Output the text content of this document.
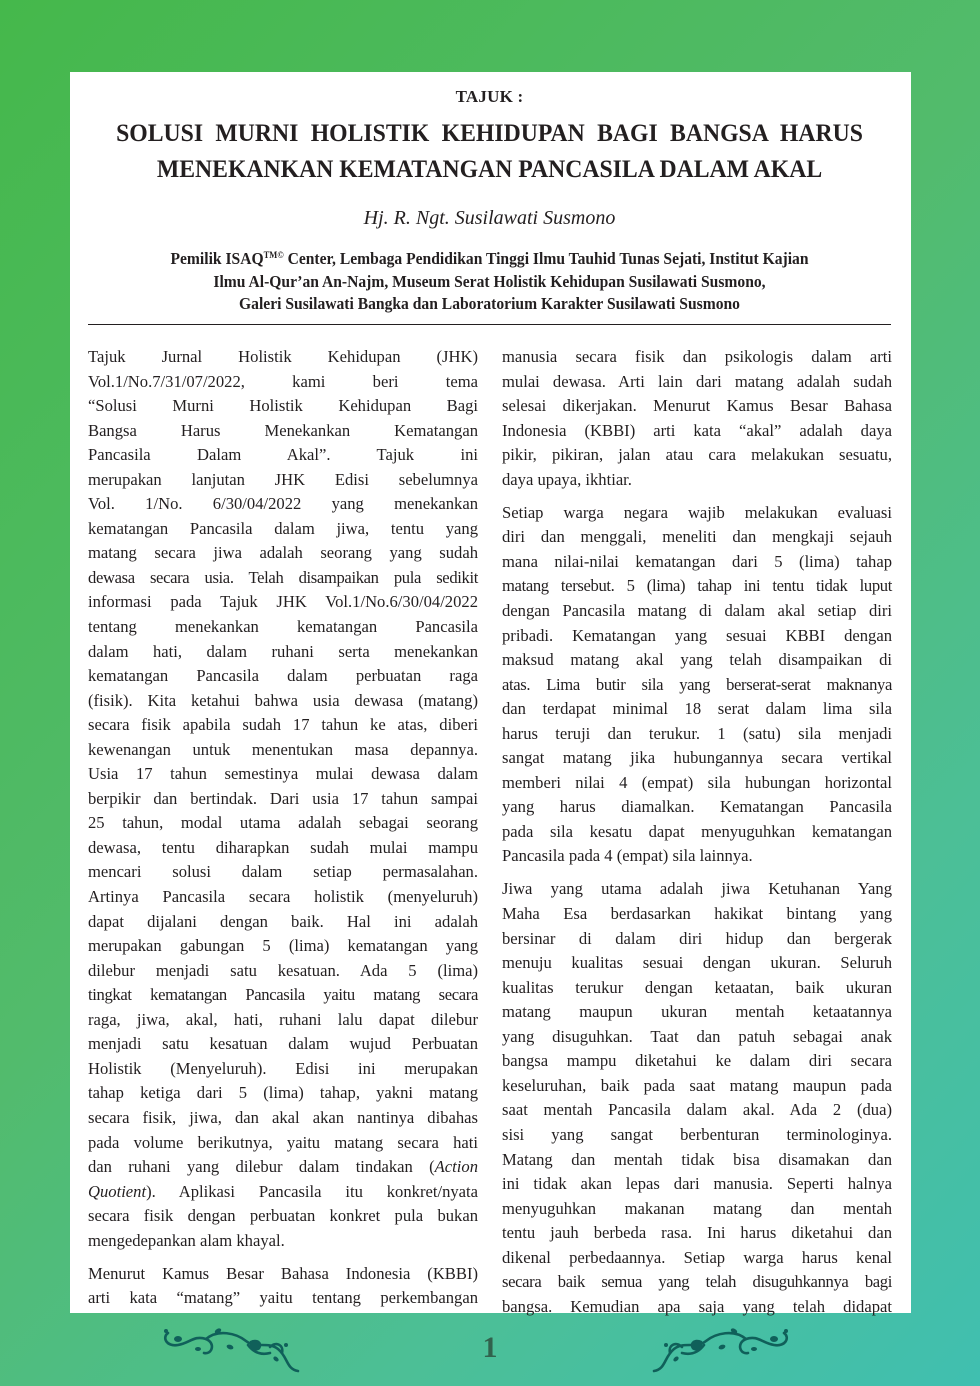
TAJUK :
SOLUSI MURNI HOLISTIK KEHIDUPAN BAGI BANGSA HARUS
MENEKANKAN KEMATANGAN PANCASILA DALAM AKAL
Hj. R. Ngt. Susilawati Susmono
Pemilik $ISAQ^{TM©}$ Center, Lembaga Pendidikan Tinggi Ilmu Tauhid Tunas Sejati, Institut Kajian
Ilmu Al-Qur’an An-Najm, Museum Serat Holistik Kehidupan Susilawati Susmono,
Galeri Susilawati Bangka dan Laboratorium Karakter Susilawati Susmono

Tajuk Jurnal Holistik Kehidupan (JHK)
Vol.1/No.7/31/07/2022, kami beri tema
“Solusi Murni Holistik Kehidupan Bagi
Bangsa Harus Menekankan Kematangan
Pancasila Dalam Akal”. Tajuk ini
merupakan lanjutan JHK Edisi sebelumnya
Vol. 1/No. 6/30/04/2022 yang menekankan
kematangan Pancasila dalam jiwa, tentu yang
matang secara jiwa adalah seorang yang sudah
dewasa secara usia. Telah disampaikan pula sedikit
informasi pada Tajuk JHK Vol.1/No.6/30/04/2022
tentang menekankan kematangan Pancasila
dalam hati, dalam ruhani serta menekankan
kematangan Pancasila dalam perbuatan raga
(fisik). Kita ketahui bahwa usia dewasa (matang)
secara fisik apabila sudah 17 tahun ke atas, diberi
kewenangan untuk menentukan masa depannya.
Usia 17 tahun semestinya mulai dewasa dalam
berpikir dan bertindak. Dari usia 17 tahun sampai
25 tahun, modal utama adalah sebagai seorang
dewasa, tentu diharapkan sudah mulai mampu
mencari solusi dalam setiap permasalahan.
Artinya Pancasila secara holistik (menyeluruh)
dapat dijalani dengan baik. Hal ini adalah
merupakan gabungan 5 (lima) kematangan yang
dilebur menjadi satu kesatuan. Ada 5 (lima)
tingkat kematangan Pancasila yaitu matang secara
raga, jiwa, akal, hati, ruhani lalu dapat dilebur
menjadi satu kesatuan dalam wujud Perbuatan
Holistik (Menyeluruh). Edisi ini merupakan
tahap ketiga dari 5 (lima) tahap, yakni matang
secara fisik, jiwa, dan akal akan nantinya dibahas
pada volume berikutnya, yaitu matang secara hati
dan ruhani yang dilebur dalam tindakan (Action
Quotient). Aplikasi Pancasila itu konkret/nyata
secara fisik dengan perbuatan konkret pula bukan
mengedepankan alam khayal.

Menurut Kamus Besar Bahasa Indonesia (KBBI)
arti kata “matang” yaitu tentang perkembangan

manusia secara fisik dan psikologis dalam arti
mulai dewasa. Arti lain dari matang adalah sudah
selesai dikerjakan. Menurut Kamus Besar Bahasa
Indonesia (KBBI) arti kata “akal” adalah daya
pikir, pikiran, jalan atau cara melakukan sesuatu,
daya upaya, ikhtiar.

Setiap warga negara wajib melakukan evaluasi
diri dan menggali, meneliti dan mengkaji sejauh
mana nilai-nilai kematangan dari 5 (lima) tahap
matang tersebut. 5 (lima) tahap ini tentu tidak luput
dengan Pancasila matang di dalam akal setiap diri
pribadi. Kematangan yang sesuai KBBI dengan
maksud matang akal yang telah disampaikan di
atas. Lima butir sila yang berserat-serat maknanya
dan terdapat minimal 18 serat dalam lima sila
harus teruji dan terukur. 1 (satu) sila menjadi
sangat matang jika hubungannya secara vertikal
memberi nilai 4 (empat) sila hubungan horizontal
yang harus diamalkan. Kematangan Pancasila
pada sila kesatu dapat menyuguhkan kematangan
Pancasila pada 4 (empat) sila lainnya.

Jiwa yang utama adalah jiwa Ketuhanan Yang
Maha Esa berdasarkan hakikat bintang yang
bersinar di dalam diri hidup dan bergerak
menuju kualitas sesuai dengan ukuran. Seluruh
kualitas terukur dengan ketaatan, baik ukuran
matang maupun ukuran mentah ketaatannya
yang disuguhkan. Taat dan patuh sebagai anak
bangsa mampu diketahui ke dalam diri secara
keseluruhan, baik pada saat matang maupun pada
saat mentah Pancasila dalam akal. Ada 2 (dua)
sisi yang sangat berbenturan terminologinya.
Matang dan mentah tidak bisa disamakan dan
ini tidak akan lepas dari manusia. Seperti halnya
menyuguhkan makanan matang dan mentah
tentu jauh berbeda rasa. Ini harus diketahui dan
dikenal perbedaannya. Setiap warga harus kenal
secara baik semua yang telah disuguhkannya bagi
bangsa. Kemudian apa saja yang telah didapat

1
